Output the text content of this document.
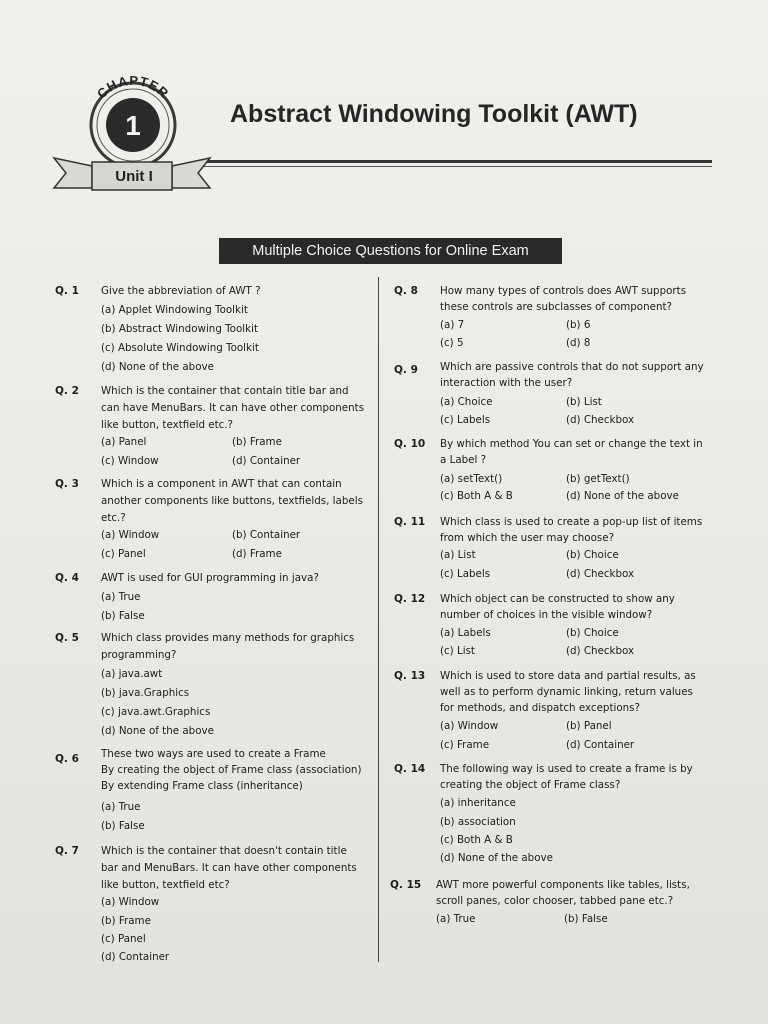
CHAPTER
1	Abstract Windowing Toolkit (AWT)
Unit I
Multiple Choice Questions for Online Exam
Q. 1	Give the abbreviation of AWT ?
(a) Applet Windowing Toolkit
(b) Abstract Windowing Toolkit
(c) Absolute Windowing Toolkit
(d) None of the above
Q. 2	Which is the container that contain title bar and
can have MenuBars. It can have other components
like button, textfield etc.?
(a) Panel	(b) Frame
(c) Window	(d) Container
Q. 3	Which is a component in AWT that can contain
another components like buttons, textfields, labels
etc.?
(a) Window	(b) Container
(c) Panel	(d) Frame
Q. 4	AWT is used for GUI programming in java?
(a) True
(b) False
Q. 5	Which class provides many methods for graphics
programming?
(a) java.awt
(b) java.Graphics
(c) java.awt.Graphics
(d) None of the above
Q. 6	These two ways are used to create a Frame
By creating the object of Frame class (association)
By extending Frame class (inheritance)
(a) True
(b) False
Q. 7	Which is the container that doesn't contain title
bar and MenuBars. It can have other components
like button, textfield etc?
(a) Window
(b) Frame
(c) Panel
(d) Container
Q. 8	How many types of controls does AWT supports
these controls are subclasses of component?
(a) 7	(b) 6
(c) 5	(d) 8
Q. 9	Which are passive controls that do not support any
interaction with the user?
(a) Choice	(b) List
(c) Labels	(d) Checkbox
Q. 10	By which method You can set or change the text in
a Label ?
(a) setText()	(b) getText()
(c) Both A & B	(d) None of the above
Q. 11	Which class is used to create a pop-up list of items
from which the user may choose?
(a) List	(b) Choice
(c) Labels	(d) Checkbox
Q. 12	Which object can be constructed to show any
number of choices in the visible window?
(a) Labels	(b) Choice
(c) List	(d) Checkbox
Q. 13	Which is used to store data and partial results, as
well as to perform dynamic linking, return values
for methods, and dispatch exceptions?
(a) Window	(b) Panel
(c) Frame	(d) Container
Q. 14	The following way is used to create a frame is by
creating the object of Frame class?
(a) inheritance
(b) association
(c) Both A & B
(d) None of the above
Q. 15	AWT more powerful components like tables, lists,
scroll panes, color chooser, tabbed pane etc.?
(a) True	(b) False
